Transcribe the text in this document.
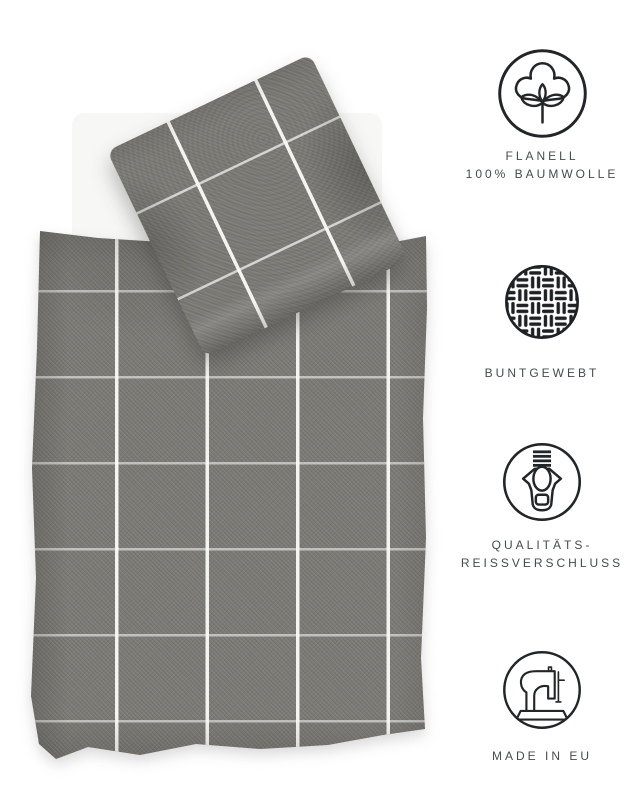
FLANELL
100% BAUMWOLLE
BUNTGEWEBT
QUALITÄTS-
REISSVERSCHLUSS
MADE IN EU
